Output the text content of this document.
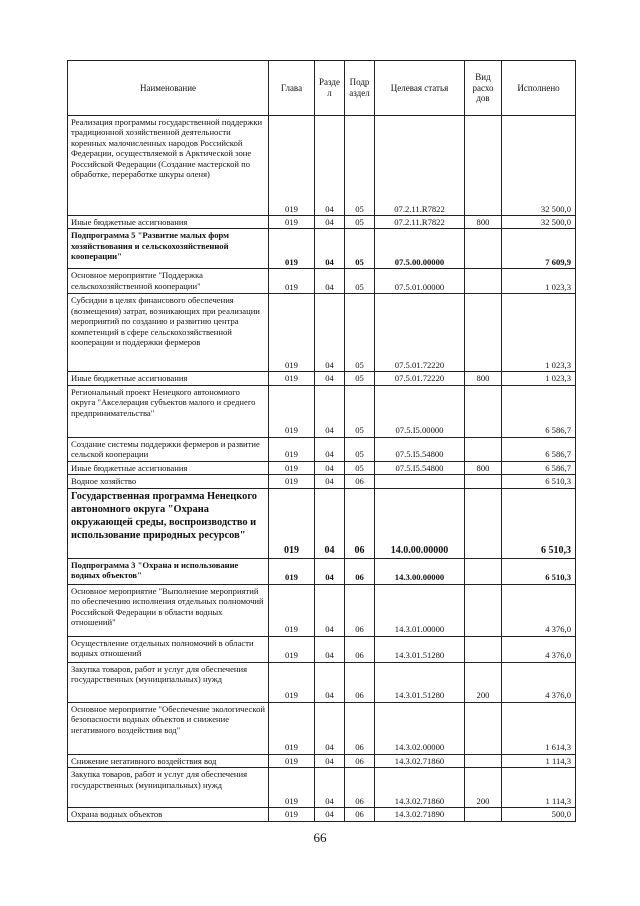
Наименование	Глава	Разде л	Подр аздел	Целевая статья	Вид расхо дов	Исполнено
Реализация программы государственной поддержки традиционной хозяйственной деятельности коренных малочисленных народов Российской Федерации, осуществляемой в Арктической зоне Российской Федерации (Создание мастерской по обработке, переработке шкуры оленя)	019	04	05	07.2.11.R7822		32 500,0
Иные бюджетные ассигнования	019	04	05	07.2.11.R7822	800	32 500,0
Подпрограмма 5 "Развитие малых форм хозяйствования и сельскохозяйственной кооперации"	019	04	05	07.5.00.00000		7 609,9
Основное мероприятие "Поддержка сельскохозяйственной кооперации"	019	04	05	07.5.01.00000		1 023,3
Субсидии в целях финансового обеспечения (возмещения) затрат, возникающих при реализации мероприятий по созданию и развитию центра компетенций в сфере сельскохозяйственной кооперации и поддержки фермеров	019	04	05	07.5.01.72220		1 023,3
Иные бюджетные ассигнования	019	04	05	07.5.01.72220	800	1 023,3
Региональный проект Ненецкого автономного округа "Акселерация субъектов малого и среднего предпринимательства"	019	04	05	07.5.I5.00000		6 586,7
Создание системы поддержки фермеров и развитие сельской кооперации	019	04	05	07.5.I5.54800		6 586,7
Иные бюджетные ассигнования	019	04	05	07.5.I5.54800	800	6 586,7
Водное хозяйство	019	04	06			6 510,3
Государственная программа Ненецкого автономного округа "Охрана окружающей среды, воспроизводство и использование природных ресурсов"	019	04	06	14.0.00.00000		6 510,3
Подпрограмма 3 "Охрана и использование водных объектов"	019	04	06	14.3.00.00000		6 510,3
Основное мероприятие "Выполнение мероприятий по обеспечению исполнения отдельных полномочий Российской Федерации в области водных отношений"	019	04	06	14.3.01.00000		4 376,0
Осуществление отдельных полномочий в области водных отношений	019	04	06	14.3.01.51280		4 376,0
Закупка товаров, работ и услуг для обеспечения государственных (муниципальных) нужд	019	04	06	14.3.01.51280	200	4 376,0
Основное мероприятие "Обеспечение экологической безопасности водных объектов и снижение негативного воздействия вод"	019	04	06	14.3.02.00000		1 614,3
Снижение негативного воздействия вод	019	04	06	14.3.02.71860		1 114,3
Закупка товаров, работ и услуг для обеспечения государственных (муниципальных) нужд	019	04	06	14.3.02.71860	200	1 114,3
Охрана водных объектов	019	04	06	14.3.02.71890		500,0
66
